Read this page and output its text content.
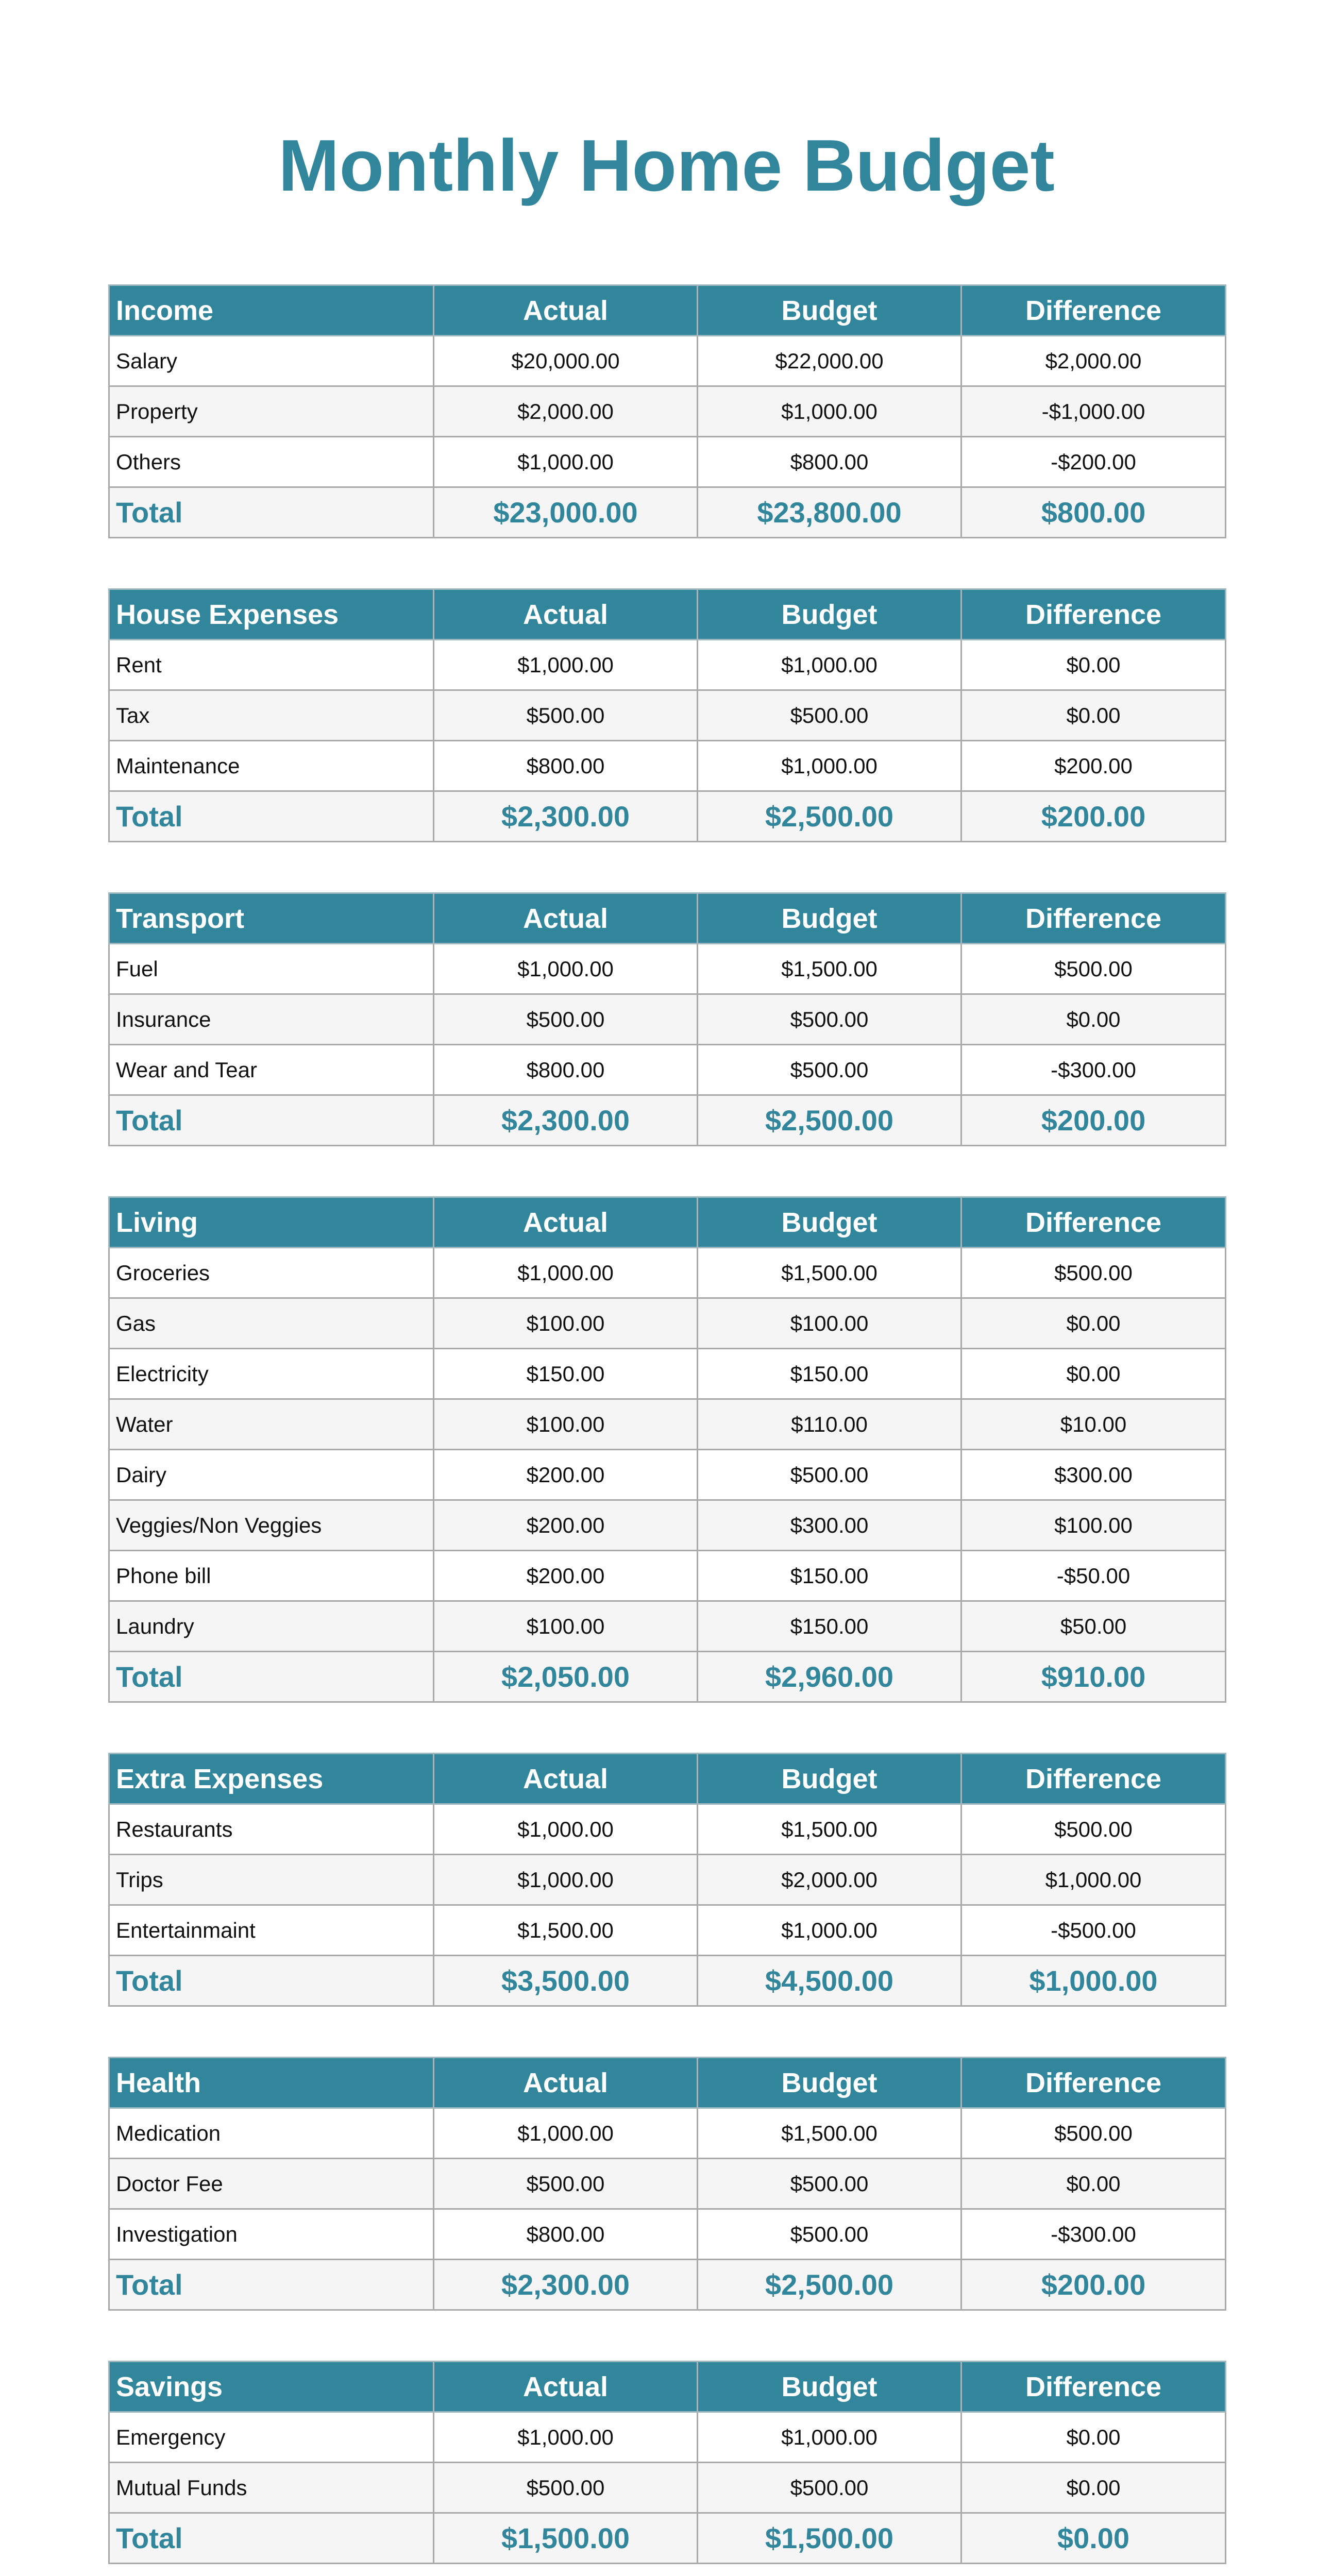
Monthly Home Budget
Income	Actual	Budget	Difference
Salary	$20,000.00	$22,000.00	$2,000.00
Property	$2,000.00	$1,000.00	-$1,000.00
Others	$1,000.00	$800.00	-$200.00
Total	$23,000.00	$23,800.00	$800.00
House Expenses	Actual	Budget	Difference
Rent	$1,000.00	$1,000.00	$0.00
Tax	$500.00	$500.00	$0.00
Maintenance	$800.00	$1,000.00	$200.00
Total	$2,300.00	$2,500.00	$200.00
Transport	Actual	Budget	Difference
Fuel	$1,000.00	$1,500.00	$500.00
Insurance	$500.00	$500.00	$0.00
Wear and Tear	$800.00	$500.00	-$300.00
Total	$2,300.00	$2,500.00	$200.00
Living	Actual	Budget	Difference
Groceries	$1,000.00	$1,500.00	$500.00
Gas	$100.00	$100.00	$0.00
Electricity	$150.00	$150.00	$0.00
Water	$100.00	$110.00	$10.00
Dairy	$200.00	$500.00	$300.00
Veggies/Non Veggies	$200.00	$300.00	$100.00
Phone bill	$200.00	$150.00	-$50.00
Laundry	$100.00	$150.00	$50.00
Total	$2,050.00	$2,960.00	$910.00
Extra Expenses	Actual	Budget	Difference
Restaurants	$1,000.00	$1,500.00	$500.00
Trips	$1,000.00	$2,000.00	$1,000.00
Entertainmaint	$1,500.00	$1,000.00	-$500.00
Total	$3,500.00	$4,500.00	$1,000.00
Health	Actual	Budget	Difference
Medication	$1,000.00	$1,500.00	$500.00
Doctor Fee	$500.00	$500.00	$0.00
Investigation	$800.00	$500.00	-$300.00
Total	$2,300.00	$2,500.00	$200.00
Savings	Actual	Budget	Difference
Emergency	$1,000.00	$1,000.00	$0.00
Mutual Funds	$500.00	$500.00	$0.00
Total	$1,500.00	$1,500.00	$0.00
